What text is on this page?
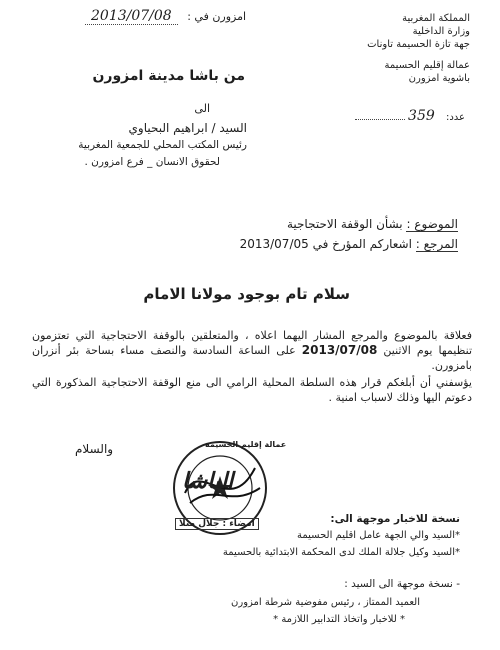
المملكة المغربية
وزارة الداخلية
جهة تازة الحسيمة تاونات
عمالة إقليم الحسيمة
باشوية امزورن
عدد: 359
امزورن في : 2013/07/08
من باشا مدينة امزورن
الى
السيد / ابراهيم البحياوي
رئيس المكتب المحلي للجمعية المغربية
لحقوق الانسان _ فرع امزورن .
الموضوع : بشأن الوقفة الاحتجاجية
المرجع : اشعاركم المؤرخ في 2013/07/05
سلام تام بوجود مولانا الامام

فعلاقة بالموضوع والمرجع المشار اليهما اعلاه ، والمتعلقين بالوقفة الاحتجاجية التي تعتزمون تنظيمها يوم الاثنين 2013/07/08 على الساعة السادسة والنصف مساء بساحة بئر أنزران بامزورن.

يؤسفني أن أبلغكم قرار هذه السلطة المحلية الرامي الى منع الوقفة الاحتجاجية المذكورة التي دعوتم اليها وذلك لاسباب امنية .

والسلام	عمالة إقليم الحسيمة
الباشا
امضاء : جلال منلا	نسخة للاخبار موجهة الى:
*السيد والي الجهة عامل اقليم الحسيمة
*السيد وكيل جلالة الملك لدى المحكمة الابتدائية بالحسيمة
- نسخة موجهة الى السيد :
العميد الممتاز ، رئيس مفوضية شرطة امزورن
* للاخبار واتخاذ التدابير اللازمة *
